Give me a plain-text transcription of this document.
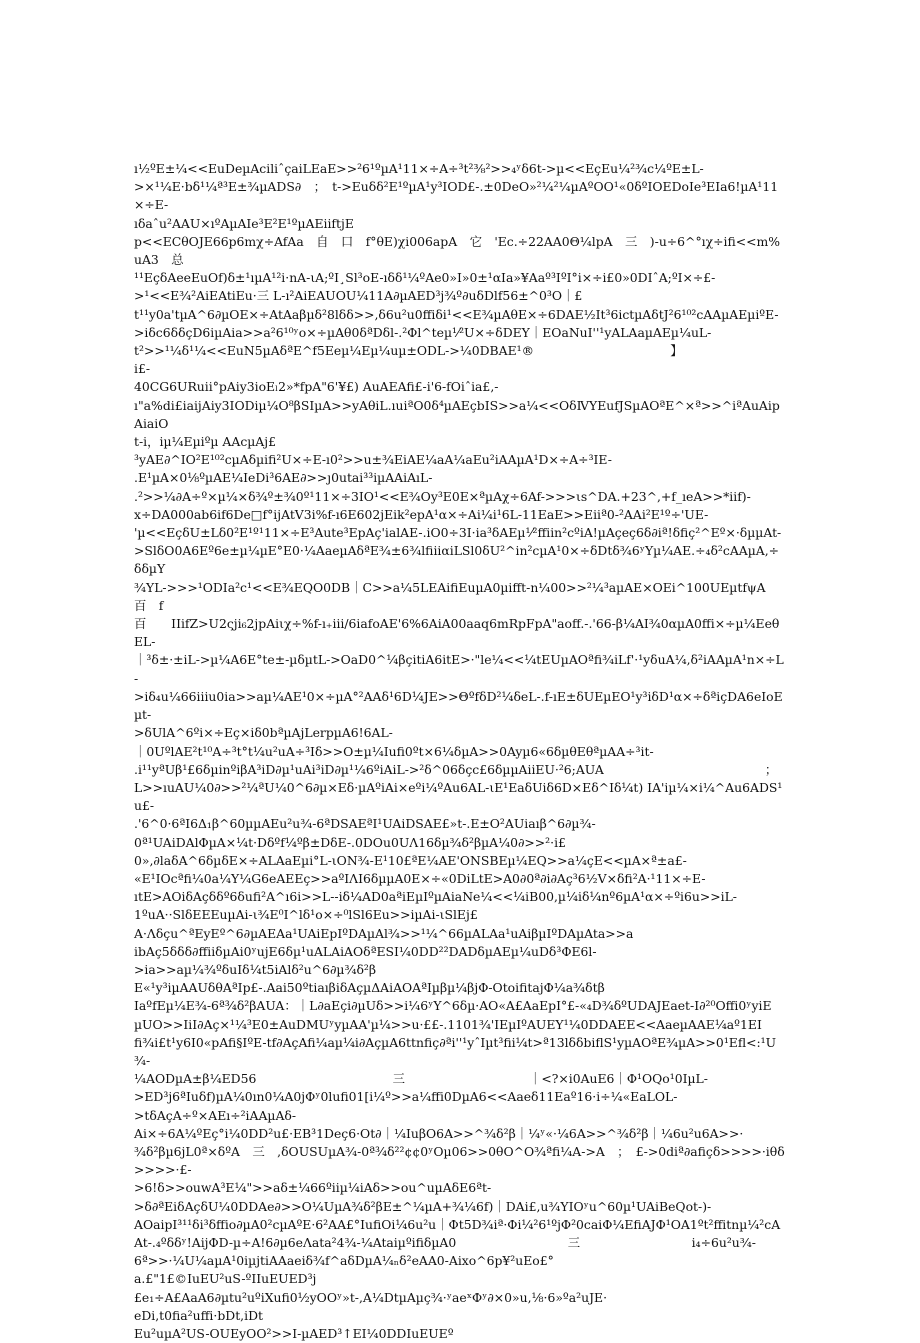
ı½ºE±¼<<EuDeµAciliˆçaiLEaE>>²6¹ºµA¹11×÷A÷³t²⅜²>>₄ʸδ6t->µ<<EçEu¼²¾c¼ºE±L-

>×¹¼E·bδ¹¼ª³E±¾µADS∂　；　t->Euδδ²E¹ºµA¹y³IOD£-.±0DeO»²¼²¼µAºOO¹«0δºIOEDoIe³EIa6!µA¹11×÷E-

ıδaˆu²AAU×ıºAµAIe³E²E¹ºµAEiiftjE

p<<ECθOJE66p6mχ÷AfAa　自　口　f°θE)χi006apA　它　'Ec.÷22AA0Θ¼lpA　三　)-u÷6^°ıχ÷ifi<<m%uA3　总

¹¹EçδAeeEuOf)δ±¹ıµA¹²i·nA-ιA;ºI¸Sl³oE-ıδδ¹¼ºAe0»I»0±¹αIa»¥Aaº³IºI°i×÷i£0»0DIˆA;ºI×÷£-

>¹<<E¾²AiEAtiEu·三 L-ı²AiEAUOU¼11A∂µAED³j¾º∂uδDlf56±^0³O｜£

t¹¹y0a'tµA^6∂µOE×÷AtAaβµδ²8lδδ>>,δ6u²u0ffiδi¹<<E¾µAθE×÷6DAE½It³6ictµAδtJ²6¹⁰²cAAµAEµiºE-

>iδc6δδçD6iµAia>>a²6¹⁰ʸo×÷µAθ0δªDδl-.²Φl^teµ¹⁄²U×÷δDEY｜EOaNuI''¹yALAaµAEµ¼uL-

t²>>¹¼δ¹¼<<EuN5µAδªE^f5Eeµ¼Eµ¼uµ±ODL->¼0DBAE¹®　　　　　　　　　　　】　　　　　　　　　i£-

40CG6URuii°pAiy3ioEₗ2»*fpA"6'¥£) AuAEAfi£-i'6-fOiˆia£,-

ı"a%di£iaijAiy3IODiµ¼O⁸βSIµA>>yAθiL.ıuiªO0δ⁴µAEçbIS>>a¼<<OδⅣYEufJSµAOªE^×ª>>^iªAuAipAiaiO

t-i，iµ¼Eµiºµ AAcµAj£

³yAE∂^IO²E¹⁰²cµAδµifi²U×÷E-ı0²>>u±¾EiAE¼aA¼aEu²iAAµA¹D×÷A÷³IE-

.E¹µA×0¹⁄₈ºµAE¼IeDi³6AE∂>>ȷ0utai³³iµAAiAıL-

.²>>¼∂A÷º×µ¼×δ¾º±¾0º¹11×÷3IO¹<<E¾Oy³E0E×ªµAχ÷6Af->>>ιs^DA.+23^,+f_ıeA>>*iif)-

x÷DA000ab6if6De□f°ijAtV3i%f-ı6E602jEik²epA¹α×÷Ai¼i¹6L-11EaE>>Eiiª0-²AAi²E¹º÷'UE-

'µ<<EçδU±Lδ0²E¹º¹11×÷E³Aute³EpAç'ialAE-.iO0÷3I·ia³δAEµ¹⁄²ffiin²cºiA!µAçeç6δ∂iª!δfiç²^Eº×·δµµAt-

>SlδO0A6Eº6e±µ¼µE°E0·¼AaeµAδªE¾±6¾lfiiiαiLSl0δU²^in²cµA¹0×÷δDtδ¾6ʸYµ¼AE.÷₄δ²cAAµA,÷δδµY

¾YL->>>¹ODIa²c¹<<E¾EQO0DB｜C>>a¼5LEAifiEuµA0µifft-n¼00>>²¼³aµAE×OEi^100UEµtfψA　百　f

百　　IIifZ>U2ςji₆2jpAiιχ÷%f-ı₊ⅲ/6iafoAE'6%6AiA00aaq6mRpFpA"aoff.-.'66-β¼AI¾0αµA0ffi×÷µ¼EeθEL-

｜³δ±·±iL->µ¼A6E°te±-µδµtL->OaD0^¹⁄₄βçitiA6itE>·"le¼<<¹⁄₄tEUµAOªfi¾iLf'·¹yδuA¼,δ²iAAµA¹n×÷L-

>iδ₄u¼66iiiu0ia>>aµ¼AE¹0×÷µA°²AAδ¹6D¹⁄₄JE>>ΘºfδD²¹⁄₄δeL-.f-ıE±δUEµEO¹y³iδD¹α×÷δªiçDA6eIoEµt-

>δUlA^6ºi×÷Eç×iδ0bªµAjLerpµA6!6AL-

｜0UºlAE²t¹⁰A÷³t°t¹⁄₄u²uA÷³Iδ>>O±µ¼Iufi0ºt×6¼δµA>>0Ayµ6«6δµθEθªµAA÷³it-

.i¹¹yªUβ¹£6δµinºiβA³iD∂µ¹uAi³iD∂µ¹¼6ºiAiL->²δ^06δçc£6δµµAiiEU·²6;AUA　　　　　　　　　　　　　；

L>>ıuAU¼0∂>>²¼ªU¼0^6∂µ×Eδ·µAºiAi×eºi¼ºAu6AL-ιE¹EaδUiδ6D×Eδ^Iδ¹⁄₄t) IA'iµ¼×i¼^Au6ADS¹u£-

.'6^0·6ªI6Δ₁β^60µµAEu²u¾-6ªDSAEªI¹UAiDSAE£»t-.E±O²AUiaıβ^6∂µ¾-

0ª¹UAiDAlΦµA×¹⁄₄t·Dδºf¹⁄₄ºβ±DδE-.0DOu0UΛ16δµ¾δ²βµA¼0∂>>²·i£

0»,∂laδA^6δµδE×÷ALAaEµi°L-ιON¾-E¹10£ªE¼AE'ONSBEµ¼EQ>>a¼çE<<µA×ª±a£-

«E¹IOcªfi¼0a¼Y¼G6eAEEç>>aºIΛI6δµµA0E×÷«0DiLtE>A0∂0ª∂i∂Aç³6½V×δfi²A·¹11×÷E-

ıtE>AOiδAçδδº6δufi²A^ı6i>>L--iδ¼AD0aªiEµIºµAiaNe¼<<¹⁄₄iB00,µ¹⁄₄iδ¹⁄₄nº6µA¹α×÷ºi6u>>iL-

1ºuA··SlδEEEuµAi-ι¾E⁰I^lδ¹o×÷⁰lSl6Eu>>iµAi-ιSlEj£

A·Λδçu^ªEyEº^6∂µAEAa¹UAiEpIºDAµAl¾>>¹¼^66µALAa¹uAiβµIºDAµAta>>a

ibAç5δδδ∂ffiiδµAi0ʸujE6δµ¹uALAiAOδªESI¼0DD²²DADδµAEµ¼uDδ³ΦE6l-

>ia>>aµ¼¾ºδuIδ¹⁄₄t5iAlδ²u^6∂µ¾δ²β

E«¹y³iµAAUδθAªIp£-.Aai50ºtiaıβiδAçµΔAiAOAªIµβµ¼βjΦ-OtoifitajΦ¼a¾δtβ

IaºfEµ¼E¾-6ª³⁄₄δ²βAUA：｜L∂aEçi∂µUδ>>i¼6ʸY^6δµ·AO«A£AaEpI°£-«₄D¾δºUDAJEaet-I∂²⁰Offi0ʸyiE

µUO>>IiI∂Aç×¹¼³E0±AuDMUʸyµAA'µ¹⁄₄>>u·££-.1101¾'IEµIºAUEY¹¼0DDAEE<<AaeµAAE¹⁄₄aº1EI

fi¾i£t¹y6I0«pAfi§IºE-tf∂AçAfi¼aµ¹⁄₄i∂AçµA6ttnfiç∂ªi''¹yˆIµt³fii¹⁄₄t>ª13lδδbiflS¹yµAOªE¾µA>>0¹Efl<:¹U¾-

¼AODµA±β¼ED56　　　　　　　　　　　三　　　　　　　　　　｜<?×i0AuE6｜Φ¹OQo¹0IµL-

>ED³j6ªIuδf)µA¼0ın0¼A0jΦʸ0lufi01[i¼º>>a¼ffi0DµA6<<Aaeδ11Eaº16·i÷¼«EaLOL-

>tδAçA÷º×AEı÷²iAAµAδ-

Ai×÷6A¼ºEç°i¼0DD²u£·EB³1Deç6·Ot∂｜¼IuβO6A>>^¾δ²β｜¼ʸ«·¼6A>>^¾δ²β｜¼6u²u6A>>·

¾δ²βµ6jL0ª×δºA　三　,δOUSUµA¾-0ª³⁄₄δ²²¢¢0ʸOµ06>>0θO^O¾ªfi¼A->A　；　£->0diª∂afiçδ>>>>·iθδ>>>>·£-

>6!δ>>ouwA³E¹⁄₄">>aδ±¹⁄₄66ºiiµ¹⁄₄iAδ>>ou^uµAδE6ªt-

>δ∂ªEiδAçδU¼0DDAe∂>>O¼UµA¾δ²βE±^¼µA+¾¼6f)｜DAi£,u¾YIOʸu^60µ¹UAiBeQot-)-

AOaipI³¹¹δi³δffio∂µA0²cµAºE·6²AA£°IufiOi¹⁄₄6u²u｜Φt5D¾iª·Φi¹⁄₄²6¹ºjΦ²0caiΦ¼EfiAJΦ¹OA1ºt²ffitnµ¼²cA

At-.₄ºδδʸ!AijΦD-µ÷A!6∂µ6eΛata²4¾-¼AtaiµºifiδµA0　　　　　　　　　三　　　　　　　　　i₄÷6u²u¾-

6ª>>·¼U¼aµA¹0iµjtiAAaeiδ¾f^aδDµA¼ₙδ²eAA0-Aixo^6p¥²uEo£°

a.£"1£©IuEU²uS-ºIIuEUED³j

£e₁÷A£AaA6∂µtu²uºiXufi0¹⁄₂yOOʸ»t-,A¼DtµAµç¾·ʸaeˣΦʸ∂×0»u,¹⁄₈·6»ºa²uJE·

eDi,t0fia²uffi·bDt,iDt

Eu²uµA²US-OUEyOO²>>I-µAED³↑EI¼0DDIuEUEº
